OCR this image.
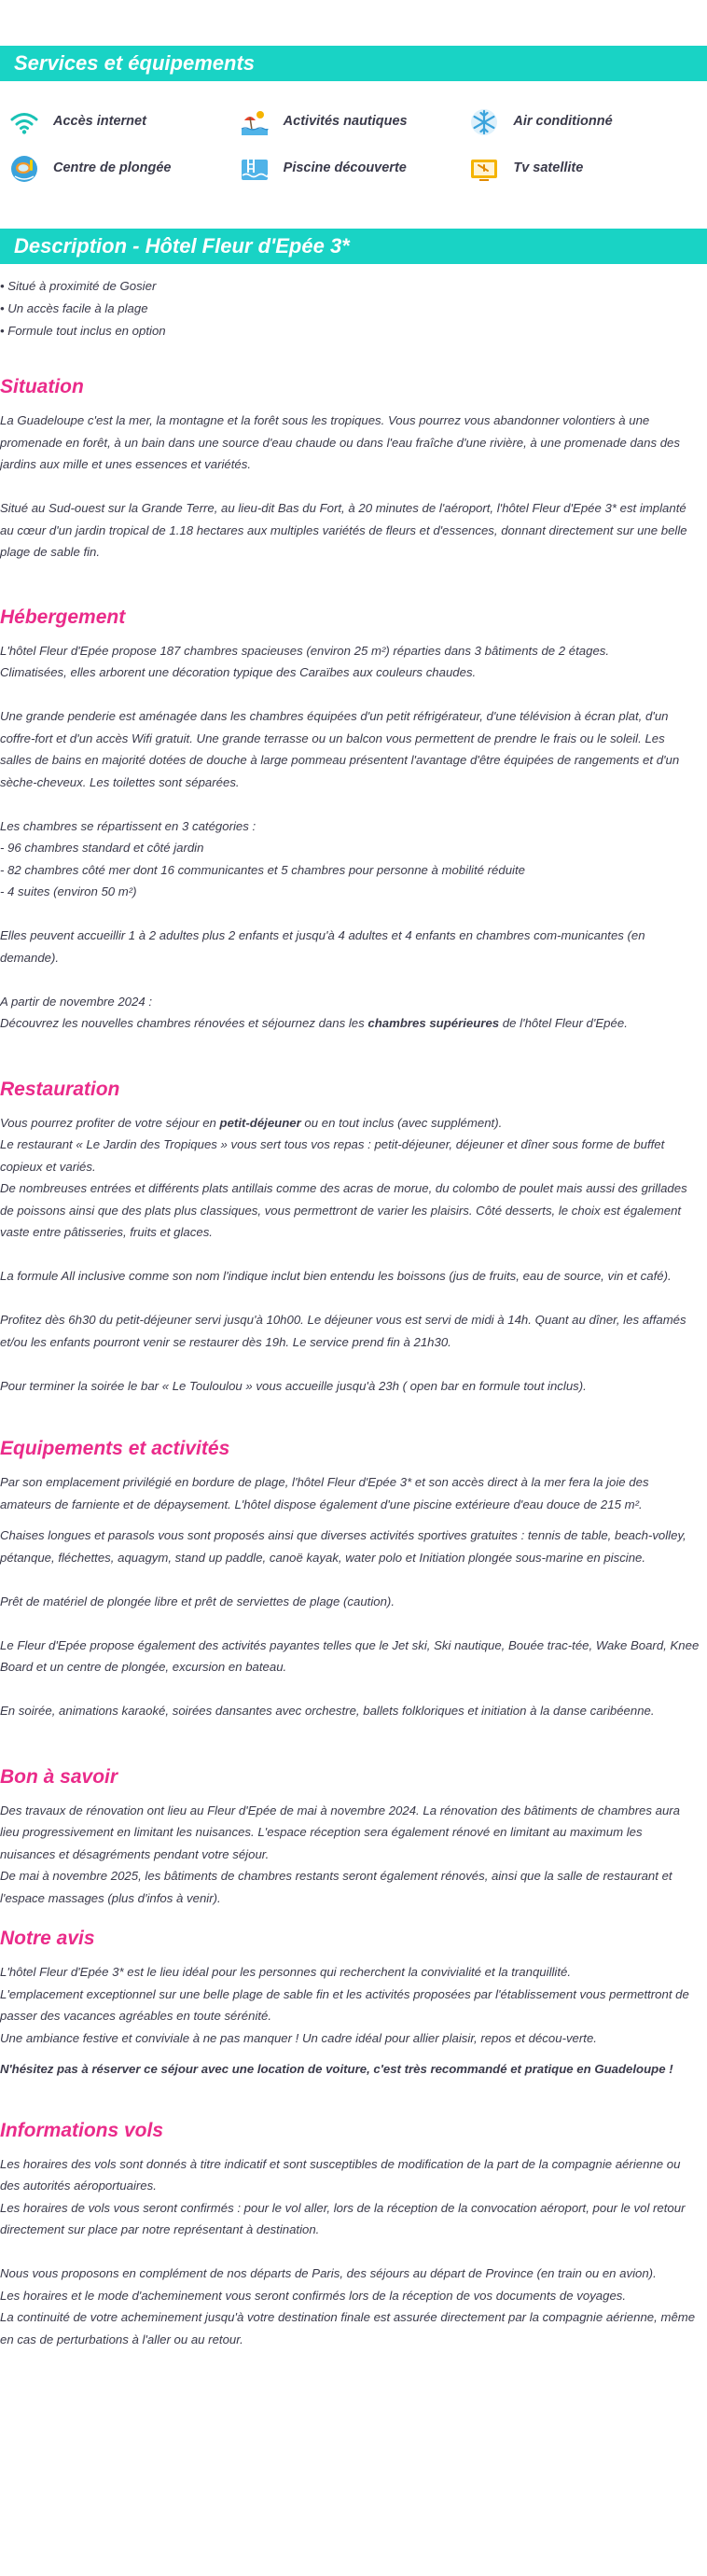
Services et équipements
Accès internet	Activités nautiques	Air conditionné
Centre de plongée	Piscine découverte	Tv satellite
Description - Hôtel Fleur d'Epée 3*
• Situé à proximité de Gosier
• Un accès facile à la plage
• Formule tout inclus en option
Situation

La Guadeloupe c'est la mer, la montagne et la forêt sous les tropiques. Vous pourrez vous abandonner volontiers à une promenade en forêt, à un bain dans une source d'eau chaude ou dans l'eau fraîche d'une rivière, à une promenade dans des jardins aux mille et unes essences et variétés.

Situé au Sud-ouest sur la Grande Terre, au lieu-dit Bas du Fort, à 20 minutes de l'aéroport, l'hôtel Fleur d'Epée 3* est implanté au cœur d'un jardin tropical de 1.18 hectares aux multiples variétés de fleurs et d'essences, donnant directement sur une belle plage de sable fin.

Hébergement
L'hôtel Fleur d'Epée propose 187 chambres spacieuses (environ 25 m²) réparties dans 3 bâtiments de 2 étages.
Climatisées, elles arborent une décoration typique des Caraïbes aux couleurs chaudes.

Une grande penderie est aménagée dans les chambres équipées d'un petit réfrigérateur, d'une télévision à écran plat, d'un coffre-fort et d'un accès Wifi gratuit. Une grande terrasse ou un balcon vous permettent de prendre le frais ou le soleil. Les salles de bains en majorité dotées de douche à large pommeau présentent l'avantage d'être équipées de rangements et d'un sèche-cheveux. Les toilettes sont séparées.

Les chambres se répartissent en 3 catégories :
- 96 chambres standard et côté jardin
- 82 chambres côté mer dont 16 communicantes et 5 chambres pour personne à mobilité réduite
- 4 suites (environ 50 m²)

Elles peuvent accueillir 1 à 2 adultes plus 2 enfants et jusqu'à 4 adultes et 4 enfants en chambres com-municantes (en demande).

A partir de novembre 2024 :
Découvrez les nouvelles chambres rénovées et séjournez dans les chambres supérieures de l'hôtel Fleur d'Epée.
Restauration
Vous pourrez profiter de votre séjour en petit-déjeuner ou en tout inclus (avec supplément).

Le restaurant « Le Jardin des Tropiques » vous sert tous vos repas : petit-déjeuner, déjeuner et dîner sous forme de buffet copieux et variés.

De nombreuses entrées et différents plats antillais comme des acras de morue, du colombo de poulet mais aussi des grillades de poissons ainsi que des plats plus classiques, vous permettront de varier les plaisirs. Côté desserts, le choix est également vaste entre pâtisseries, fruits et glaces.

La formule All inclusive comme son nom l'indique inclut bien entendu les boissons (jus de fruits, eau de source, vin et café).

Profitez dès 6h30 du petit-déjeuner servi jusqu'à 10h00. Le déjeuner vous est servi de midi à 14h. Quant au dîner, les affamés et/ou les enfants pourront venir se restaurer dès 19h. Le service prend fin à 21h30.

Pour terminer la soirée le bar « Le Touloulou » vous accueille jusqu'à 23h ( open bar en formule tout inclus).

Equipements et activités

Par son emplacement privilégié en bordure de plage, l'hôtel Fleur d'Epée 3* et son accès direct à la mer fera la joie des amateurs de farniente et de dépaysement. L'hôtel dispose également d'une piscine extérieure d'eau douce de 215 m².

Chaises longues et parasols vous sont proposés ainsi que diverses activités sportives gratuites : tennis de table, beach-volley, pétanque, fléchettes, aquagym, stand up paddle, canoë kayak, water polo et Initiation plongée sous-marine en piscine.

Prêt de matériel de plongée libre et prêt de serviettes de plage (caution).

Le Fleur d'Epée propose également des activités payantes telles que le Jet ski, Ski nautique, Bouée trac-tée, Wake Board, Knee Board et un centre de plongée, excursion en bateau.

En soirée, animations karaoké, soirées dansantes avec orchestre, ballets folkloriques et initiation à la danse caribéenne.

Bon à savoir

Des travaux de rénovation ont lieu au Fleur d'Epée de mai à novembre 2024. La rénovation des bâtiments de chambres aura lieu progressivement en limitant les nuisances. L'espace réception sera également rénové en limitant au maximum les nuisances et désagréments pendant votre séjour.

De mai à novembre 2025, les bâtiments de chambres restants seront également rénovés, ainsi que la salle de restaurant et l'espace massages (plus d'infos à venir).

Notre avis

L'hôtel Fleur d'Epée 3* est le lieu idéal pour les personnes qui recherchent la convivialité et la tranquillité.

L'emplacement exceptionnel sur une belle plage de sable fin et les activités proposées par l'établissement vous permettront de passer des vacances agréables en toute sérénité.

Une ambiance festive et conviviale à ne pas manquer ! Un cadre idéal pour allier plaisir, repos et décou-verte.

N'hésitez pas à réserver ce séjour avec une location de voiture, c'est très recommandé et pratique en Guadeloupe !

Informations vols

Les horaires des vols sont donnés à titre indicatif et sont susceptibles de modification de la part de la compagnie aérienne ou des autorités aéroportuaires.

Les horaires de vols vous seront confirmés : pour le vol aller, lors de la réception de la convocation aéroport, pour le vol retour directement sur place par notre représentant à destination.

Nous vous proposons en complément de nos départs de Paris, des séjours au départ de Province (en train ou en avion).

Les horaires et le mode d'acheminement vous seront confirmés lors de la réception de vos documents de voyages.

La continuité de votre acheminement jusqu'à votre destination finale est assurée directement par la compagnie aérienne, même en cas de perturbations à l'aller ou au retour.
